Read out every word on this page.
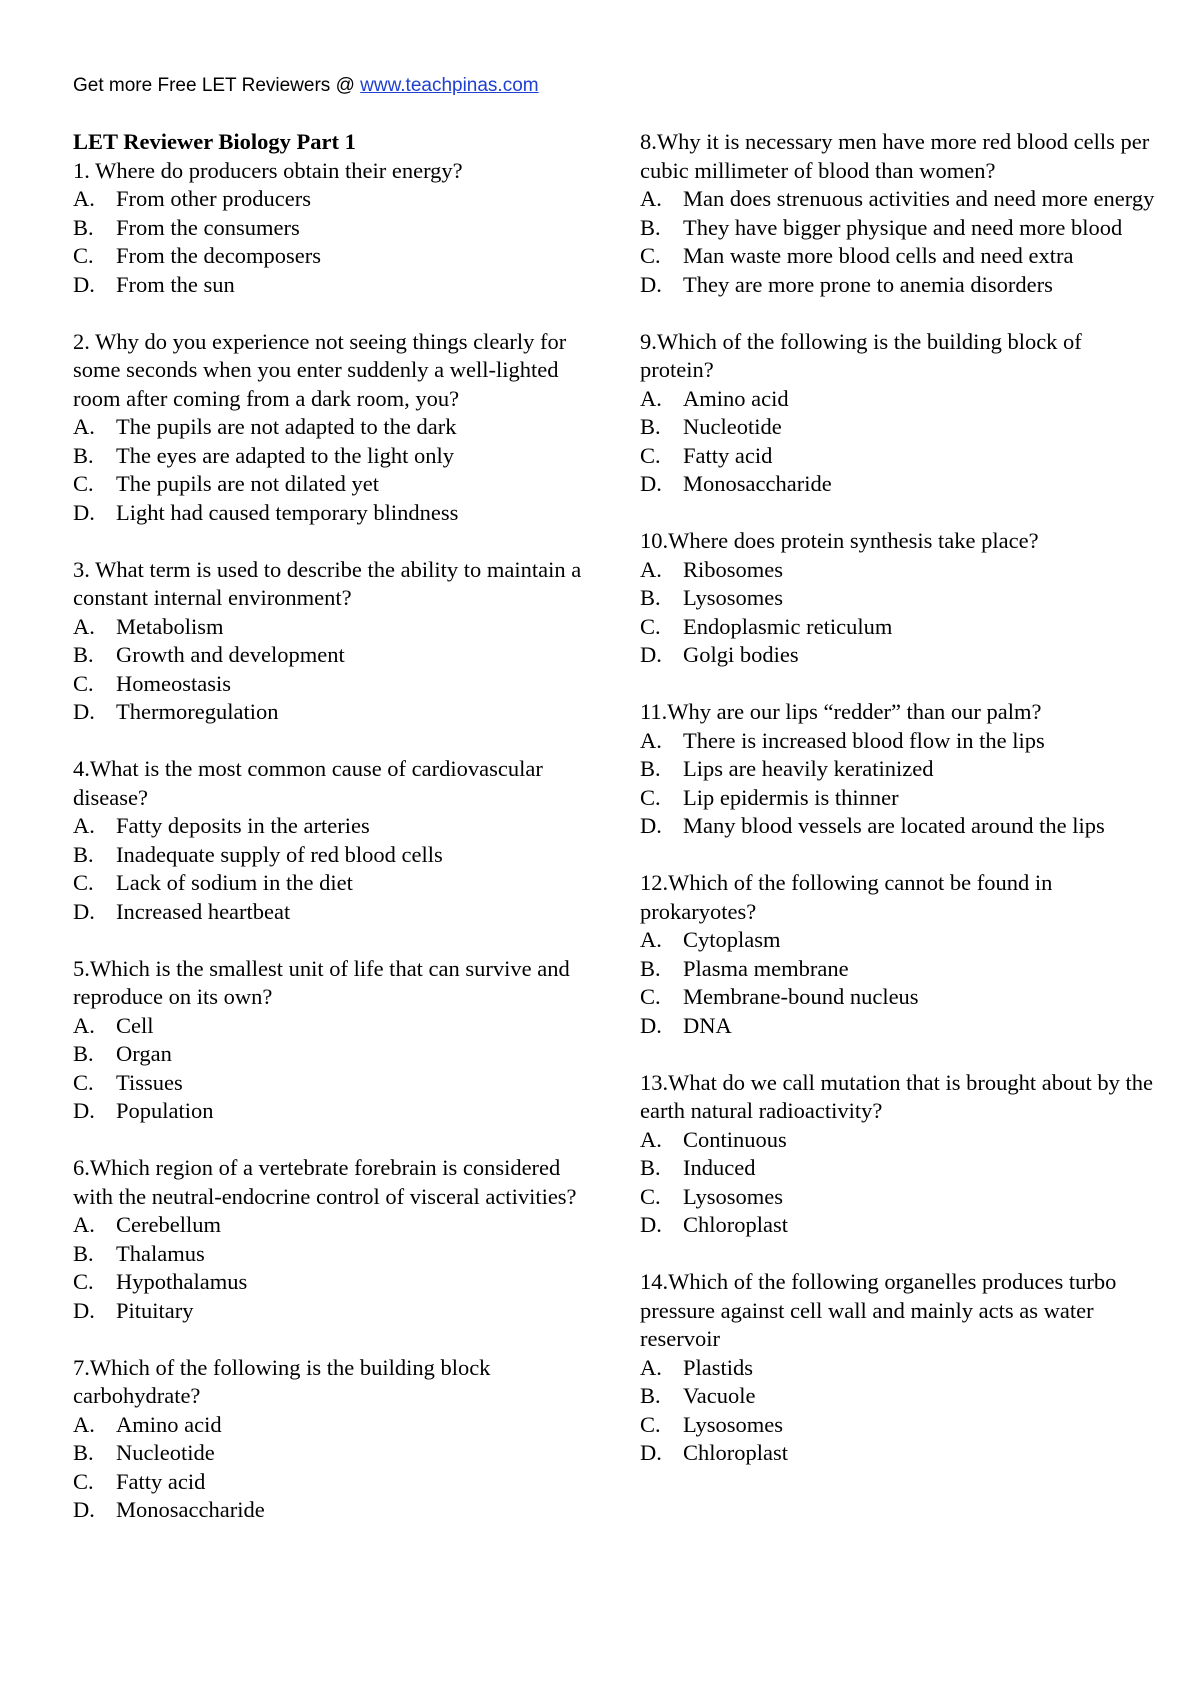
Get more Free LET Reviewers @ www.teachpinas.com
LET Reviewer Biology Part 1
1. Where do producers obtain their energy?
A. From other producers
B. From the consumers
C. From the decomposers
D. From the sun
2. Why do you experience not seeing things clearly for some seconds when you enter suddenly a well-lighted room after coming from a dark room, you?
A. The pupils are not adapted to the dark
B. The eyes are adapted to the light only
C. The pupils are not dilated yet
D. Light had caused temporary blindness
3. What term is used to describe the ability to maintain a constant internal environment?
A. Metabolism
B. Growth and development
C. Homeostasis
D. Thermoregulation
4.What is the most common cause of cardiovascular disease?
A. Fatty deposits in the arteries
B. Inadequate supply of red blood cells
C. Lack of sodium in the diet
D. Increased heartbeat
5.Which is the smallest unit of life that can survive and reproduce on its own?
A. Cell
B. Organ
C. Tissues
D. Population
6.Which region of a vertebrate forebrain is considered with the neutral-endocrine control of visceral activities?
A. Cerebellum
B. Thalamus
C. Hypothalamus
D. Pituitary
7.Which of the following is the building block carbohydrate?
A. Amino acid
B. Nucleotide
C. Fatty acid
D. Monosaccharide
8.Why it is necessary men have more red blood cells per cubic millimeter of blood than women?
A. Man does strenuous activities and need more energy
B. They have bigger physique and need more blood
C. Man waste more blood cells and need extra
D. They are more prone to anemia disorders
9.Which of the following is the building block of protein?
A. Amino acid
B. Nucleotide
C. Fatty acid
D. Monosaccharide
10.Where does protein synthesis take place?
A. Ribosomes
B. Lysosomes
C. Endoplasmic reticulum
D. Golgi bodies
11.Why are our lips “redder” than our palm?
A. There is increased blood flow in the lips
B. Lips are heavily keratinized
C. Lip epidermis is thinner
D. Many blood vessels are located around the lips
12.Which of the following cannot be found in prokaryotes?
A. Cytoplasm
B. Plasma membrane
C. Membrane-bound nucleus
D. DNA
13.What do we call mutation that is brought about by the earth natural radioactivity?
A. Continuous
B. Induced
C. Lysosomes
D. Chloroplast
14.Which of the following organelles produces turbo pressure against cell wall and mainly acts as water reservoir
A. Plastids
B. Vacuole
C. Lysosomes
D. Chloroplast
